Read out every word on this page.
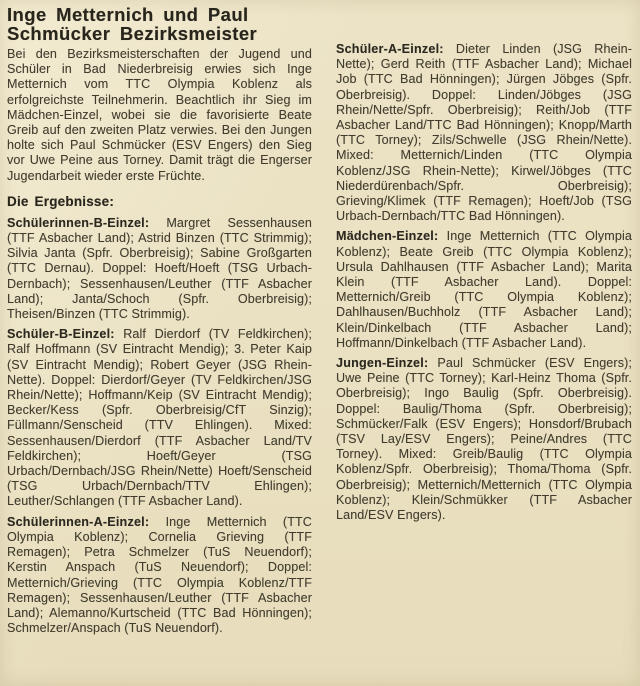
Inge Metternich und Paul
Schmücker Bezirksmeister

Bei den Bezirksmeisterschaften der Jugend und Schüler in Bad Niederbreisig erwies sich Inge Metternich vom TTC Olympia Koblenz als erfolgreichste Teilnehmerin. Beachtlich ihr Sieg im Mädchen-Einzel, wobei sie die favorisierte Beate Greib auf den zweiten Platz verwies. Bei den Jungen holte sich Paul Schmücker (ESV Engers) den Sieg vor Uwe Peine aus Torney. Damit trägt die Engerser Jugendarbeit wieder erste Früchte.

Die Ergebnisse:

Schülerinnen-B-Einzel: Margret Sessenhausen (TTF Asbacher Land); Astrid Binzen (TTC Strimmig); Silvia Janta (Spfr. Oberbreisig); Sabine Großgarten (TTC Dernau). Doppel: Hoeft/Hoeft (TSG Urbach-Dernbach); Sessenhausen/Leuther (TTF Asbacher Land); Janta/Schoch (Spfr. Oberbreisig); Theisen/Binzen (TTC Strimmig).

Schüler-B-Einzel: Ralf Dierdorf (TV Feldkirchen); Ralf Hoffmann (SV Eintracht Mendig); 3. Peter Kaip (SV Eintracht Mendig); Robert Geyer (JSG Rhein-Nette). Doppel: Dierdorf/Geyer (TV Feldkirchen/JSG Rhein/Nette); Hoffmann/Keip (SV Eintracht Mendig); Becker/Kess (Spfr. Oberbreisig/CfT Sinzig); Füllmann/Senscheid (TTV Ehlingen). Mixed: Sessenhausen/Dierdorf (TTF Asbacher Land/TV Feldkirchen); Hoeft/Geyer (TSG Urbach/Dernbach/JSG Rhein/Nette) Hoeft/Senscheid (TSG Urbach/Dernbach/TTV Ehlingen); Leuther/Schlangen (TTF Asbacher Land).

Schülerinnen-A-Einzel: Inge Metternich (TTC Olympia Koblenz); Cornelia Grieving (TTF Remagen); Petra Schmelzer (TuS Neuendorf); Kerstin Anspach (TuS Neuendorf); Doppel: Metternich/Grieving (TTC Olympia Koblenz/TTF Remagen); Sessenhausen/Leuther (TTF Asbacher Land); Alemanno/Kurtscheid (TTC Bad Hönningen); Schmelzer/Anspach (TuS Neuendorf).

Schüler-A-Einzel: Dieter Linden (JSG Rhein-Nette); Gerd Reith (TTF Asbacher Land); Michael Job (TTC Bad Hönningen); Jürgen Jöbges (Spfr. Oberbreisig). Doppel: Linden/Jöbges (JSG Rhein/Nette/Spfr. Oberbreisig); Reith/Job (TTF Asbacher Land/TTC Bad Hönningen); Knopp/Marth (TTC Torney); Zils/Schwelle (JSG Rhein/Nette). Mixed: Metternich/Linden (TTC Olympia Koblenz/JSG Rhein-Nette); Kirwel/Jöbges (TTC Niederdürenbach/Spfr. Oberbreisig); Grieving/Klimek (TTF Remagen); Hoeft/Job (TSG Urbach-Dernbach/TTC Bad Hönningen).

Mädchen-Einzel: Inge Metternich (TTC Olympia Koblenz); Beate Greib (TTC Olympia Koblenz); Ursula Dahlhausen (TTF Asbacher Land); Marita Klein (TTF Asbacher Land). Doppel: Metternich/Greib (TTC Olympia Koblenz); Dahlhausen/Buchholz (TTF Asbacher Land); Klein/Dinkelbach (TTF Asbacher Land); Hoffmann/Dinkelbach (TTF Asbacher Land).

Jungen-Einzel: Paul Schmücker (ESV Engers); Uwe Peine (TTC Torney); Karl-Heinz Thoma (Spfr. Oberbreisig); Ingo Baulig (Spfr. Oberbreisig). Doppel: Baulig/Thoma (Spfr. Oberbreisig); Schmücker/Falk (ESV Engers); Honsdorf/Brubach (TSV Lay/ESV Engers); Peine/Andres (TTC Torney). Mixed: Greib/Baulig (TTC Olympia Koblenz/Spfr. Oberbreisig); Thoma/Thoma (Spfr. Oberbreisig); Metternich/Metternich (TTC Olympia Koblenz); Klein/Schmükker (TTF Asbacher Land/ESV Engers).
